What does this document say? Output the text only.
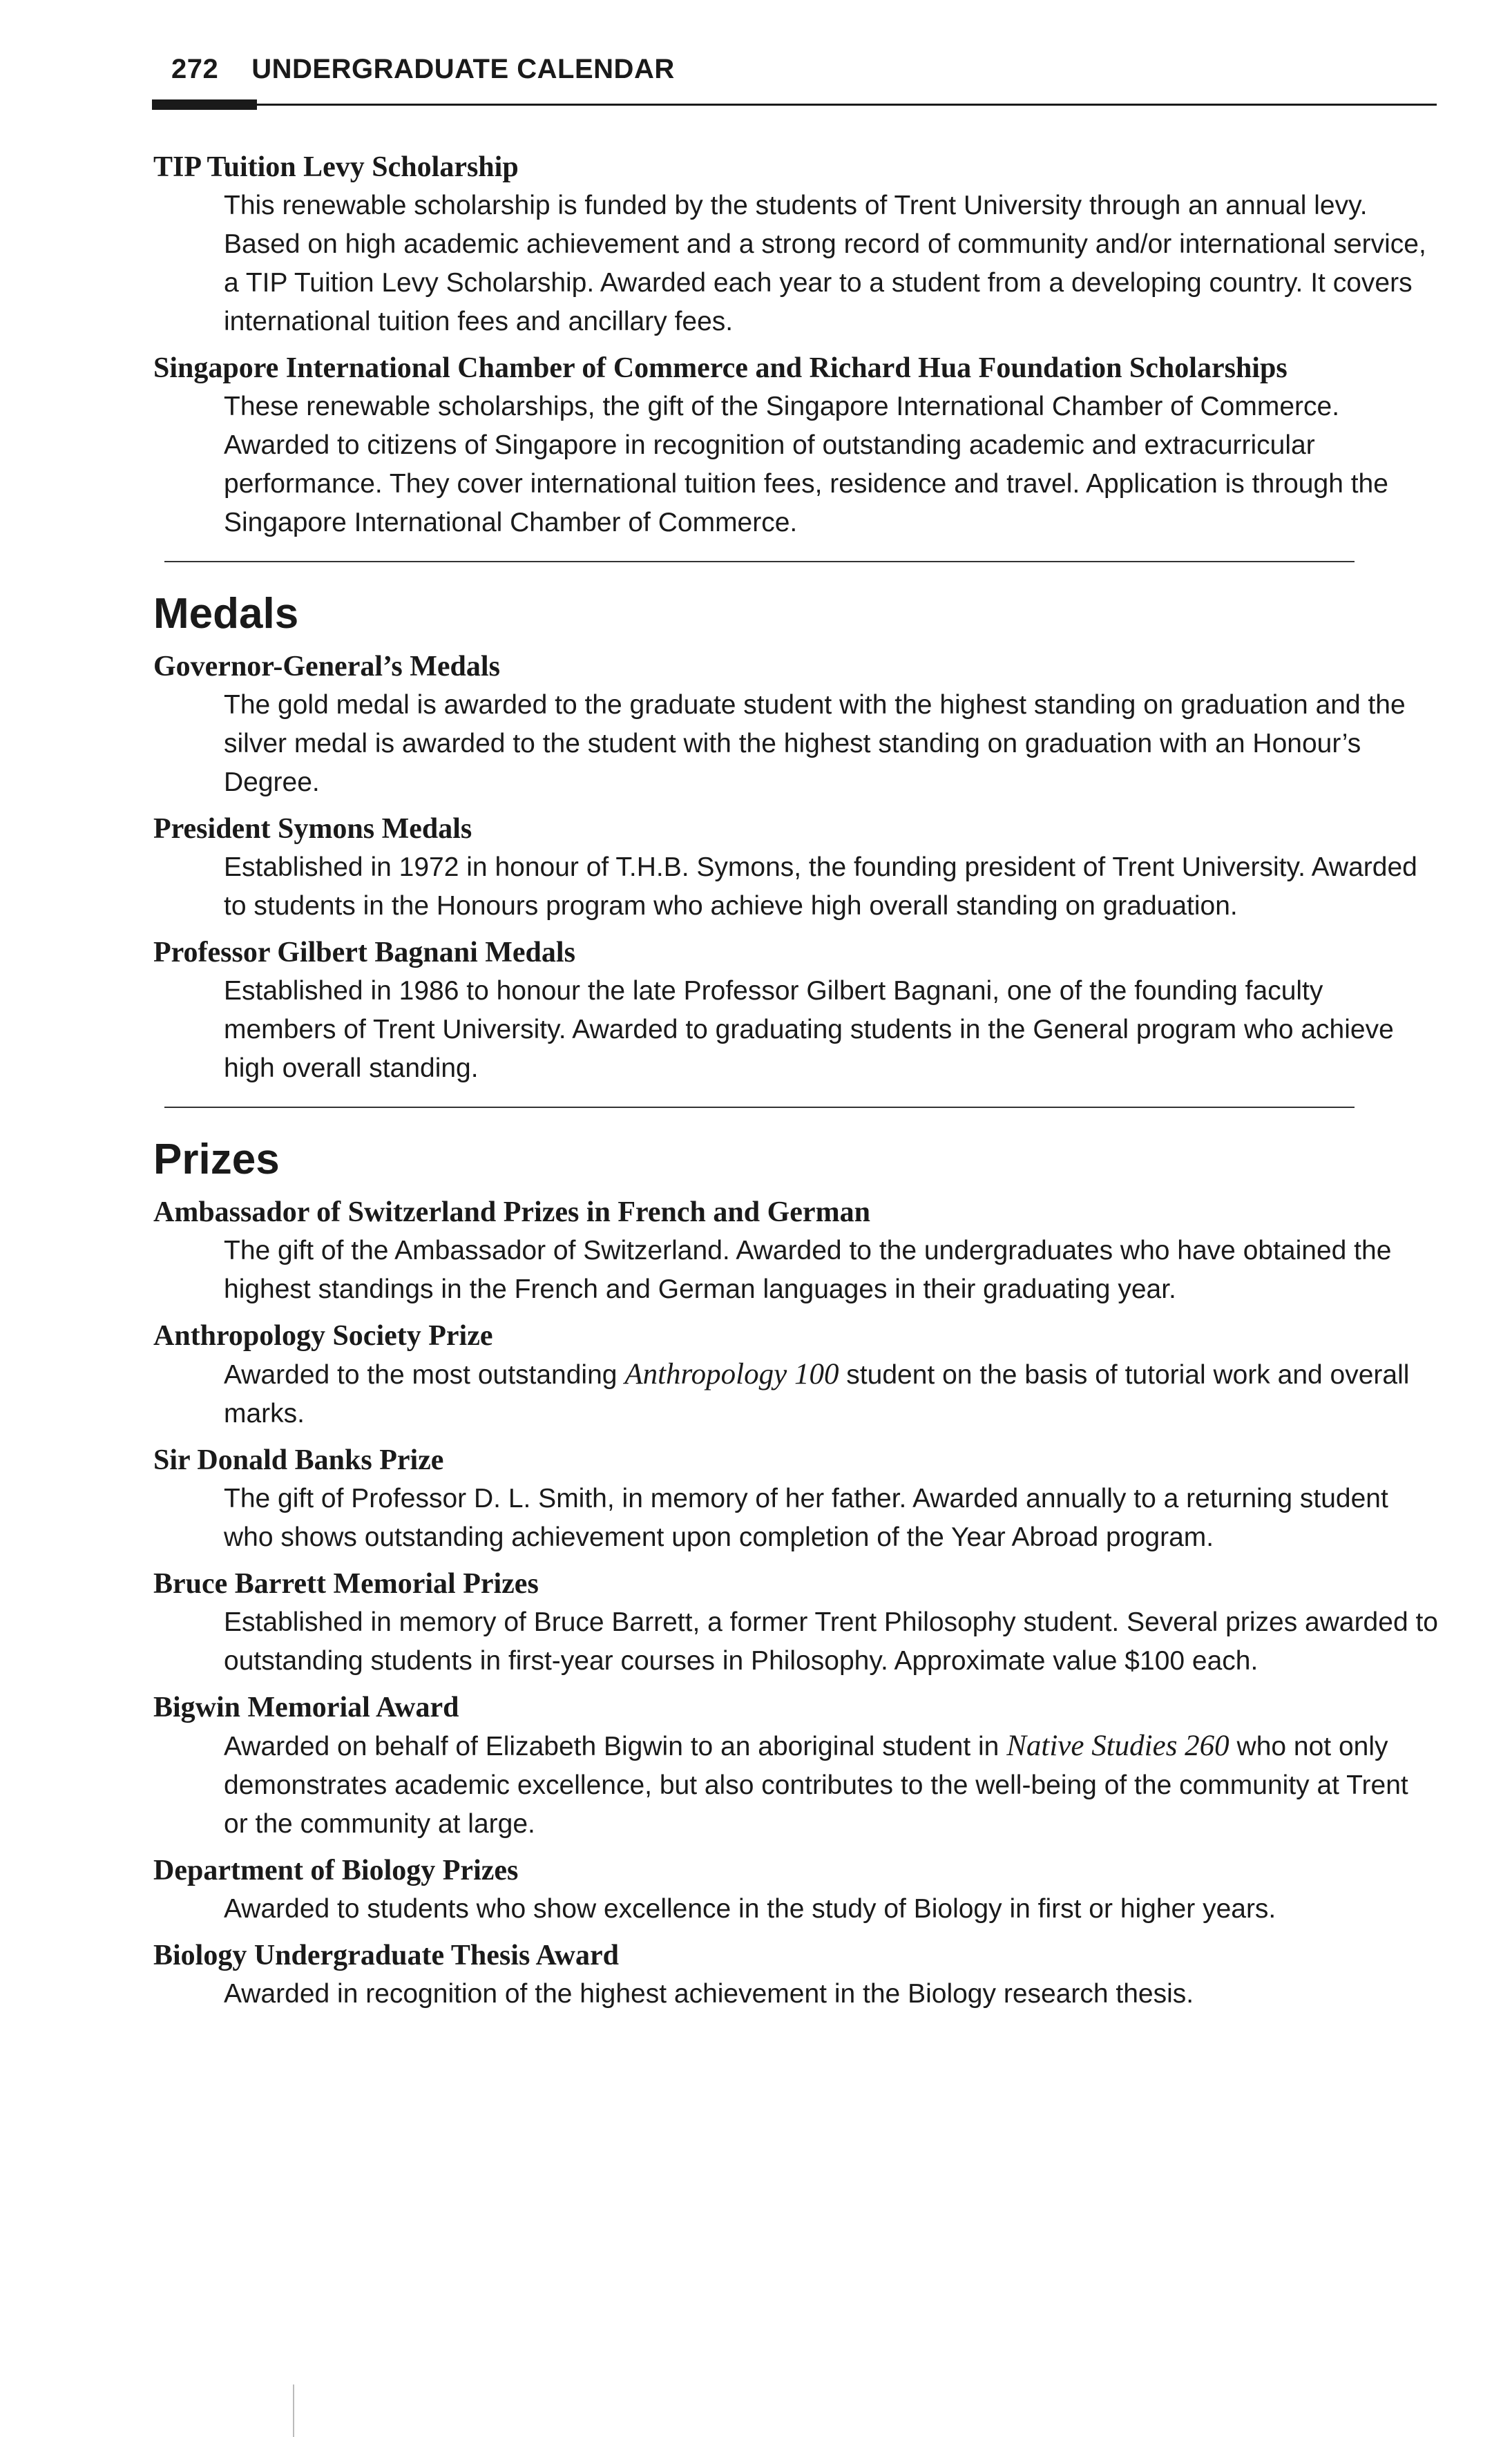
272 UNDERGRADUATE CALENDAR

TIP Tuition Levy Scholarship

This renewable scholarship is funded by the students of Trent University through an annual levy. Based on high academic achievement and a strong record of community and/or international service, a TIP Tuition Levy Scholarship. Awarded each year to a student from a developing country. It covers international tuition fees and ancillary fees.

Singapore International Chamber of Commerce and Richard Hua Foundation Scholarships

These renewable scholarships, the gift of the Singapore International Chamber of Commerce. Awarded to citizens of Singapore in recognition of outstanding academic and extracurricular performance. They cover international tuition fees, residence and travel. Application is through the Singapore International Chamber of Commerce.

Medals

Governor-General’s Medals

The gold medal is awarded to the graduate student with the highest standing on graduation and the silver medal is awarded to the student with the highest standing on graduation with an Honour’s Degree.

President Symons Medals

Established in 1972 in honour of T.H.B. Symons, the founding president of Trent University. Awarded to students in the Honours program who achieve high overall standing on graduation.

Professor Gilbert Bagnani Medals

Established in 1986 to honour the late Professor Gilbert Bagnani, one of the founding faculty members of Trent University. Awarded to graduating students in the General program who achieve high overall standing.

Prizes

Ambassador of Switzerland Prizes in French and German

The gift of the Ambassador of Switzerland. Awarded to the undergraduates who have obtained the highest standings in the French and German languages in their graduating year.

Anthropology Society Prize

Awarded to the most outstanding Anthropology 100 student on the basis of tutorial work and overall marks.

Sir Donald Banks Prize

The gift of Professor D. L. Smith, in memory of her father. Awarded annually to a returning student who shows outstanding achievement upon completion of the Year Abroad program.

Bruce Barrett Memorial Prizes

Established in memory of Bruce Barrett, a former Trent Philosophy student. Several prizes awarded to outstanding students in first-year courses in Philosophy. Approximate value $100 each.

Bigwin Memorial Award

Awarded on behalf of Elizabeth Bigwin to an aboriginal student in Native Studies 260 who not only demonstrates academic excellence, but also contributes to the well-being of the community at Trent or the community at large.

Department of Biology Prizes

Awarded to students who show excellence in the study of Biology in first or higher years.

Biology Undergraduate Thesis Award

Awarded in recognition of the highest achievement in the Biology research thesis.
